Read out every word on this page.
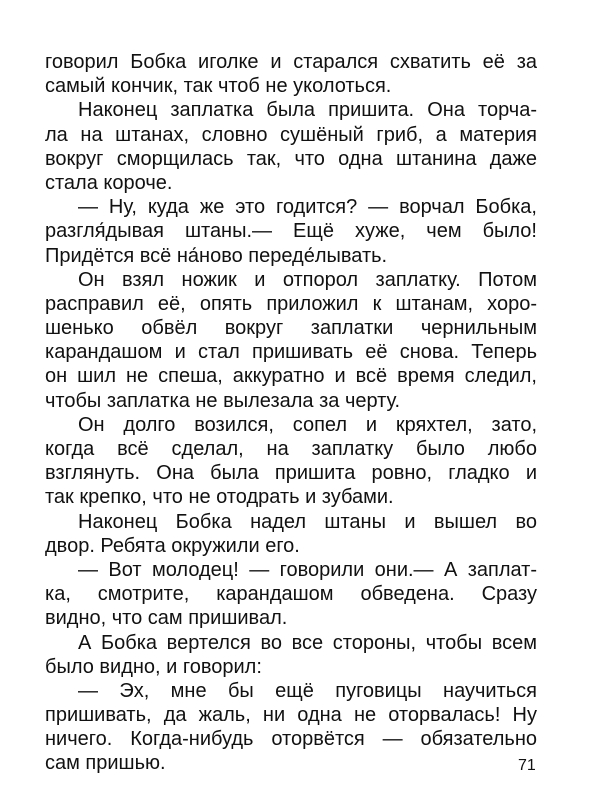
говорил Бобка иголке и старался схватить её за
самый кончик, так чтоб не уколоться.
Наконец заплатка была пришита. Она торча-
ла на штанах, словно сушёный гриб, а материя
вокруг сморщилась так, что одна штанина даже
стала короче.
— Ну, куда же это годится? — ворчал Бобка,
разгля́дывая штаны.— Ещё хуже, чем было!
Придётся всё на́ново переде́лывать.
Он взял ножик и отпорол заплатку. Потом
расправил её, опять приложил к штанам, хоро-
шенько обвёл вокруг заплатки чернильным
карандашом и стал пришивать её снова. Теперь
он шил не спеша, аккуратно и всё время следил,
чтобы заплатка не вылезала за черту.
Он долго возился, сопел и кряхтел, зато,
когда всё сделал, на заплатку было любо
взглянуть. Она была пришита ровно, гладко и
так крепко, что не отодрать и зубами.
Наконец Бобка надел штаны и вышел во
двор. Ребята окружили его.
— Вот молодец! — говорили они.— А заплат-
ка, смотрите, карандашом обведена. Сразу
видно, что сам пришивал.
А Бобка вертелся во все стороны, чтобы всем
было видно, и говорил:
— Эх, мне бы ещё пуговицы научиться
пришивать, да жаль, ни одна не оторвалась! Ну
ничего. Когда-нибудь оторвётся — обязательно
сам пришью.	71
